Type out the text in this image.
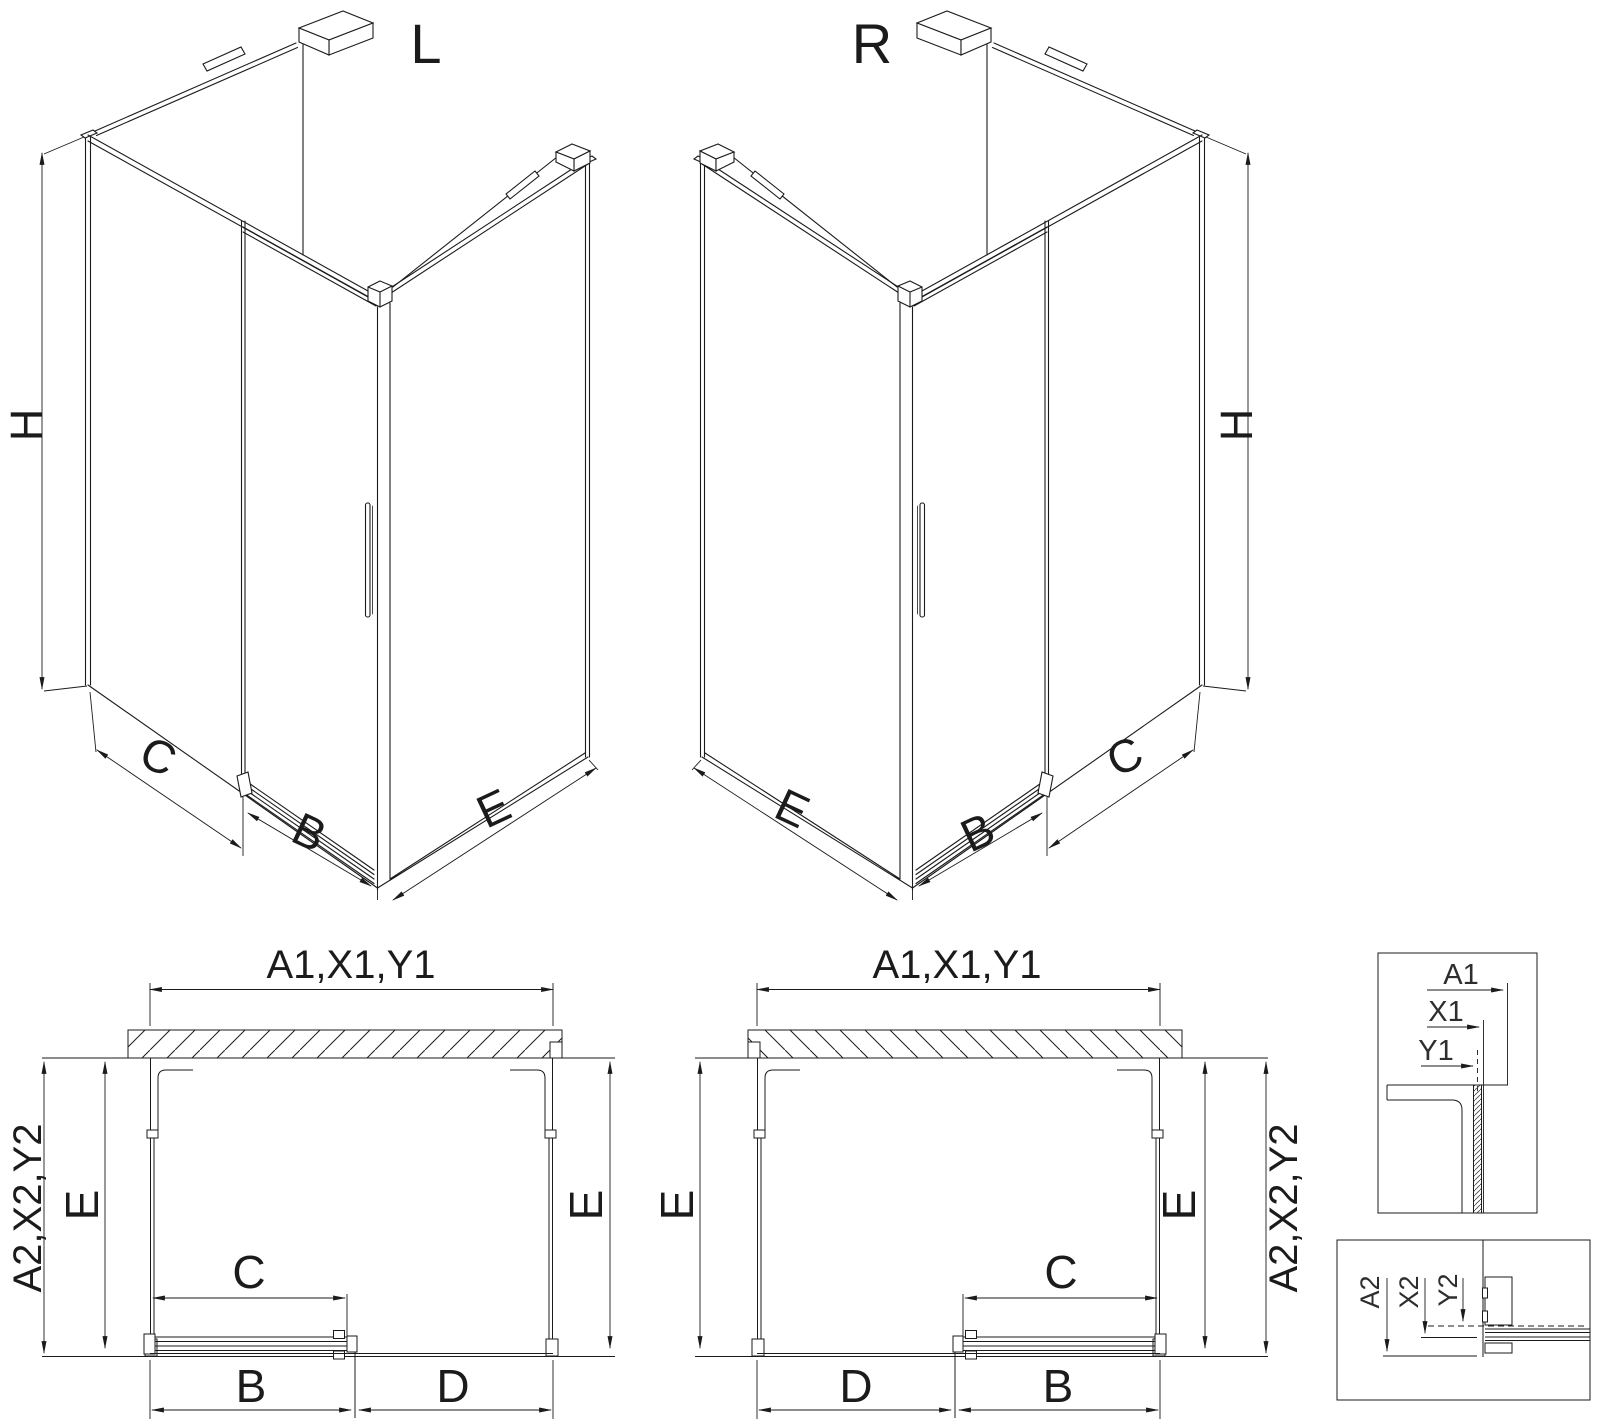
L
H
C
B	E
R
H
C
B
E
A1,X1,Y1
A2,X2,Y2 E	E
C
B	D
A1,X1,Y1
A2,X2,Y2
E	E
C
B
D
A1
X1
Y1
A2 X2 Y2
